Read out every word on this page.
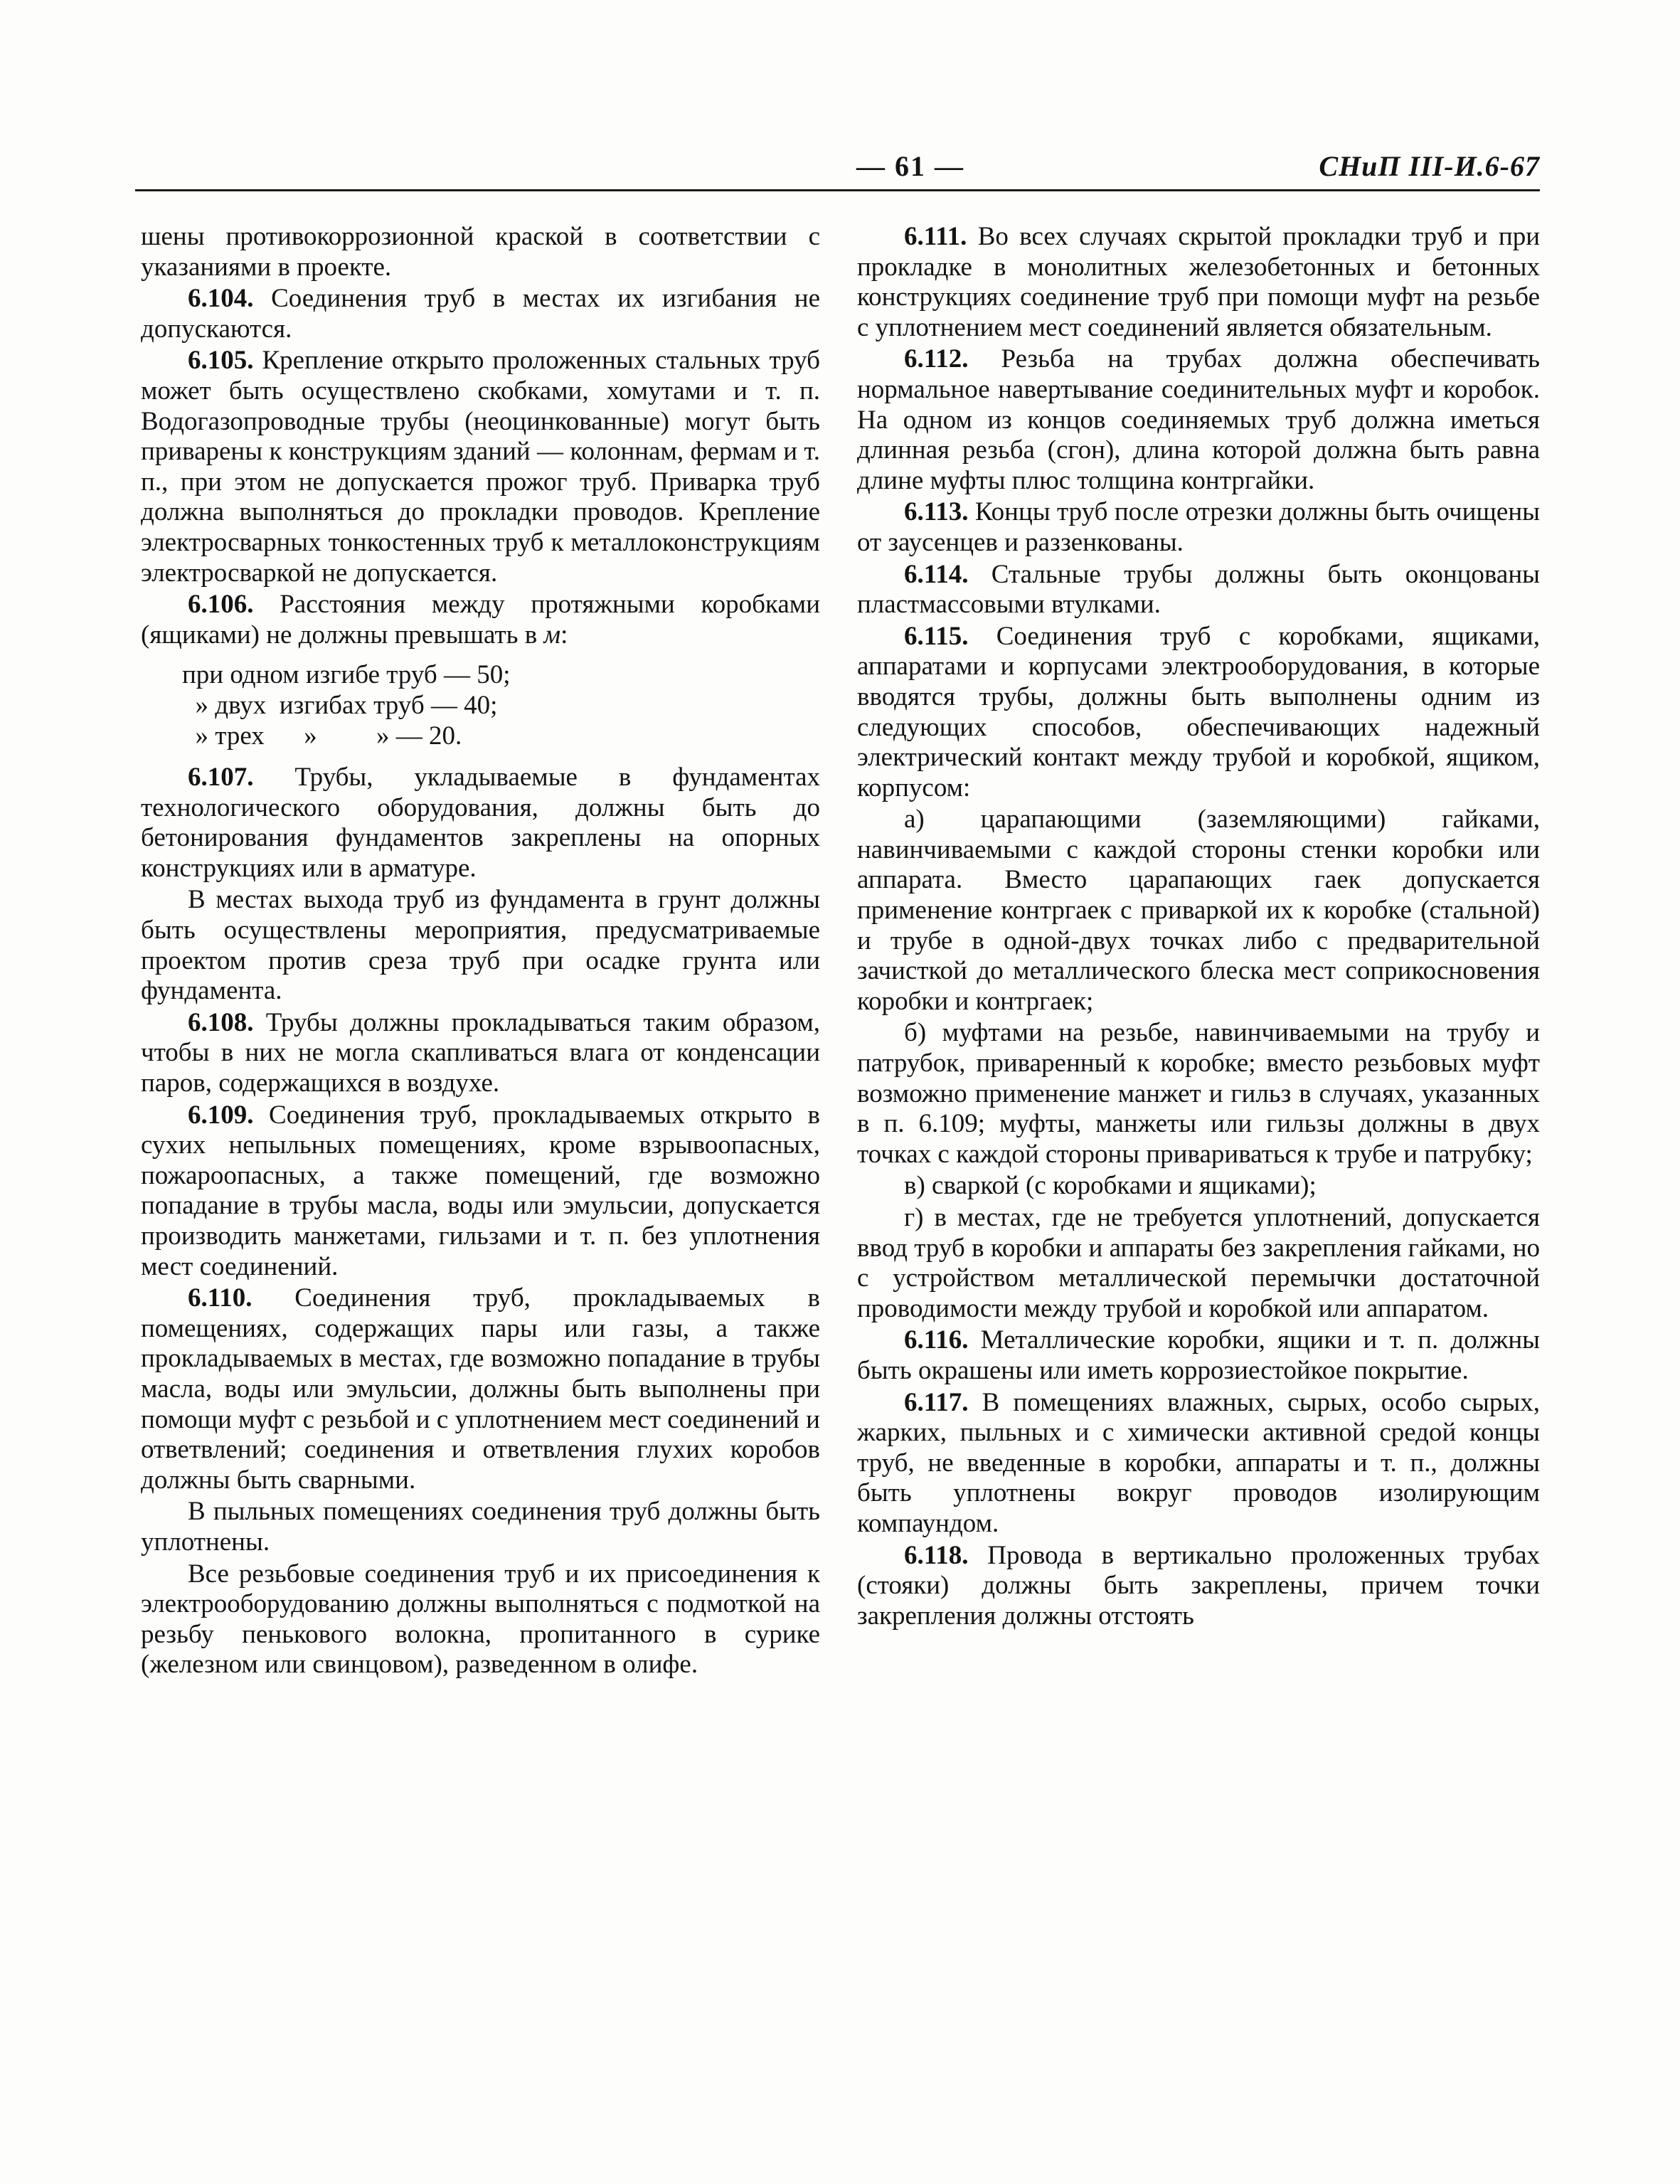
— 61 —	СНиП III-И.6-67

шены противокоррозионной краской в соответствии с указаниями в проекте.

6.104. Соединения труб в местах их изгибания не допускаются.

6.105. Крепление открыто проложенных стальных труб может быть осуществлено скобками, хомутами и т. п. Водогазопроводные трубы (неоцинкованные) могут быть приварены к конструкциям зданий — колоннам, фермам и т. п., при этом не допускается прожог труб. Приварка труб должна выполняться до прокладки проводов. Крепление электросварных тонкостенных труб к металлоконструкциям электросваркой не допускается.

6.106. Расстояния между протяжными коробками (ящиками) не должны превышать в м:

при одном изгибе труб — 50;
» двух  изгибах труб — 40;
» трех      »         » — 20.

6.107. Трубы, укладываемые в фундаментах технологического оборудования, должны быть до бетонирования фундаментов закреплены на опорных конструкциях или в арматуре.

В местах выхода труб из фундамента в грунт должны быть осуществлены мероприятия, предусматриваемые проектом против среза труб при осадке грунта или фундамента.

6.108. Трубы должны прокладываться таким образом, чтобы в них не могла скапливаться влага от конденсации паров, содержащихся в воздухе.

6.109. Соединения труб, прокладываемых открыто в сухих непыльных помещениях, кроме взрывоопасных, пожароопасных, а также помещений, где возможно попадание в трубы масла, воды или эмульсии, допускается производить манжетами, гильзами и т. п. без уплотнения мест соединений.

6.110. Соединения труб, прокладываемых в помещениях, содержащих пары или газы, а также прокладываемых в местах, где возможно попадание в трубы масла, воды или эмульсии, должны быть выполнены при помощи муфт с резьбой и с уплотнением мест соединений и ответвлений; соединения и ответвления глухих коробов должны быть сварными.

В пыльных помещениях соединения труб должны быть уплотнены.

Все резьбовые соединения труб и их присоединения к электрооборудованию должны выполняться с подмоткой на резьбу пенькового волокна, пропитанного в сурике (железном или свинцовом), разведенном в олифе.

6.111. Во всех случаях скрытой прокладки труб и при прокладке в монолитных железобетонных и бетонных конструкциях соединение труб при помощи муфт на резьбе с уплотнением мест соединений является обязательным.

6.112. Резьба на трубах должна обеспечивать нормальное навертывание соединительных муфт и коробок. На одном из концов соединяемых труб должна иметься длинная резьба (сгон), длина которой должна быть равна длине муфты плюс толщина контргайки.

6.113. Концы труб после отрезки должны быть очищены от заусенцев и раззенкованы.

6.114. Стальные трубы должны быть оконцованы пластмассовыми втулками.

6.115. Соединения труб с коробками, ящиками, аппаратами и корпусами электрооборудования, в которые вводятся трубы, должны быть выполнены одним из следующих способов, обеспечивающих надежный электрический контакт между трубой и коробкой, ящиком, корпусом:

а) царапающими (заземляющими) гайками, навинчиваемыми с каждой стороны стенки коробки или аппарата. Вместо царапающих гаек допускается применение контргаек с приваркой их к коробке (стальной) и трубе в одной-двух точках либо с предварительной зачисткой до металлического блеска мест соприкосновения коробки и контргаек;

б) муфтами на резьбе, навинчиваемыми на трубу и патрубок, приваренный к коробке; вместо резьбовых муфт возможно применение манжет и гильз в случаях, указанных в п. 6.109; муфты, манжеты или гильзы должны в двух точках с каждой стороны привариваться к трубе и патрубку;

в) сваркой (с коробками и ящиками);

г) в местах, где не требуется уплотнений, допускается ввод труб в коробки и аппараты без закрепления гайками, но с устройством металлической перемычки достаточной проводимости между трубой и коробкой или аппаратом.

6.116. Металлические коробки, ящики и т. п. должны быть окрашены или иметь коррозиестойкое покрытие.

6.117. В помещениях влажных, сырых, особо сырых, жарких, пыльных и с химически активной средой концы труб, не введенные в коробки, аппараты и т. п., должны быть уплотнены вокруг проводов изолирующим компаундом.

6.118. Провода в вертикально проложенных трубах (стояки) должны быть закреплены, причем точки закрепления должны отстоять
